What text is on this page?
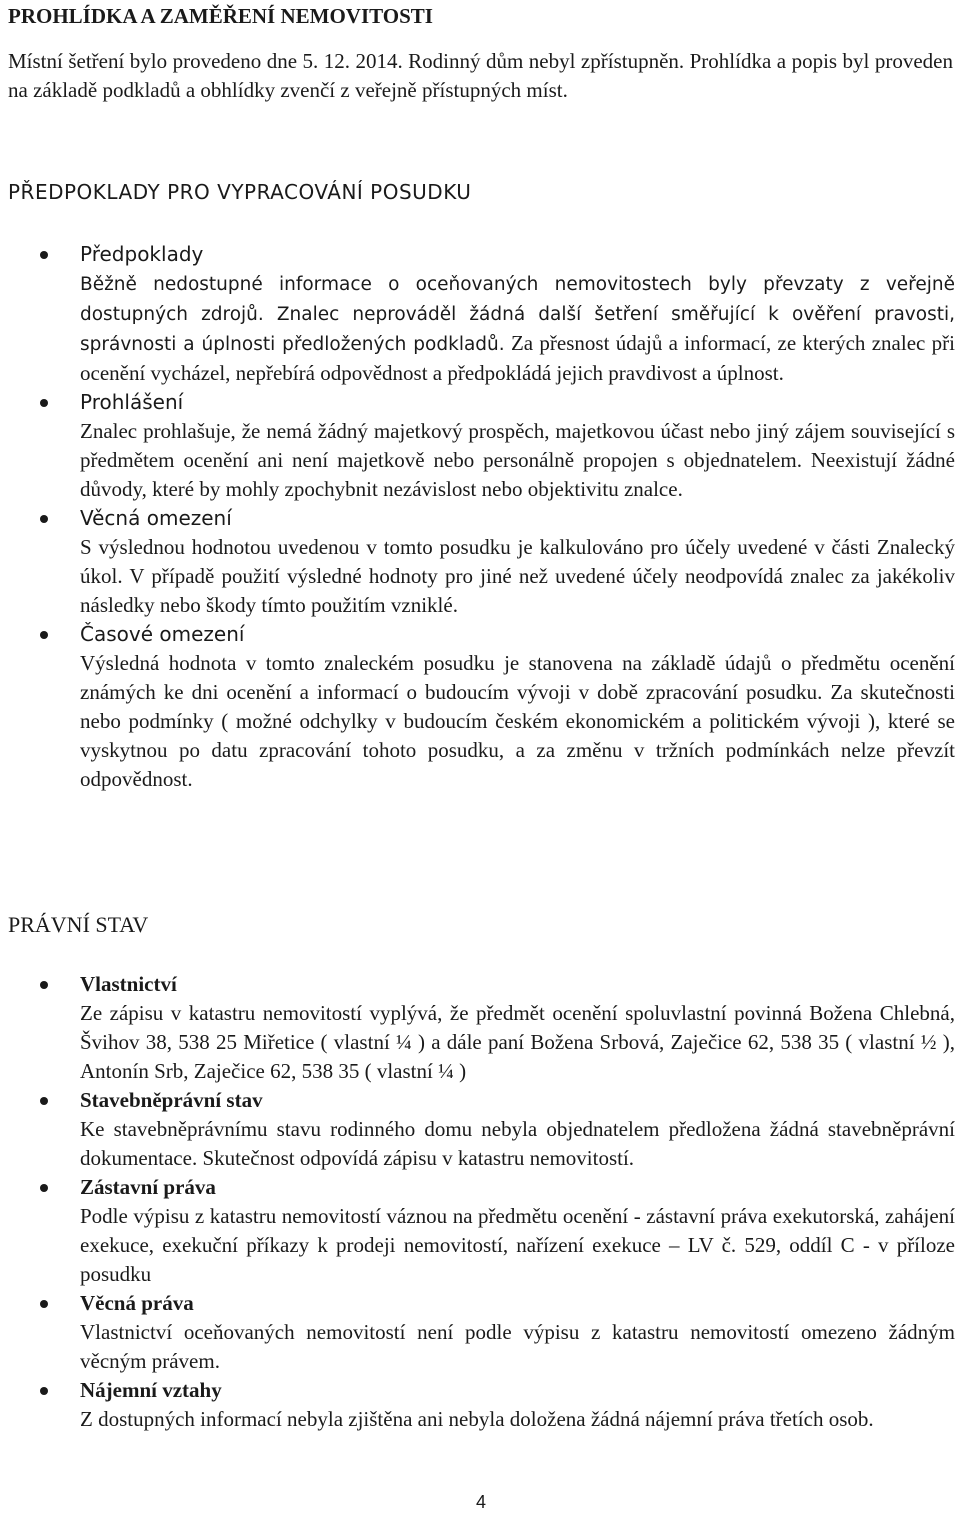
PROHLÍDKA A ZAMĚŘENÍ NEMOVITOSTI

Místní šetření bylo provedeno dne 5. 12. 2014. Rodinný dům nebyl zpřístupněn. Prohlídka a popis byl proveden na základě podkladů a obhlídky zvenčí z veřejně přístupných míst.

PŘEDPOKLADY PRO VYPRACOVÁNÍ POSUDKU
Předpoklady
Běžně nedostupné informace o oceňovaných nemovitostech byly převzaty z veřejně dostupných zdrojů. Znalec neprováděl žádná další šetření směřující k ověření pravosti, správnosti a úplnosti předložených podkladů. Za přesnost údajů a informací, ze kterých znalec při ocenění vycházel, nepřebírá odpovědnost a předpokládá jejich pravdivost a úplnost.
Prohlášení
Znalec prohlašuje, že nemá žádný majetkový prospěch, majetkovou účast nebo jiný zájem související s předmětem ocenění ani není majetkově nebo personálně propojen s objednatelem. Neexistují žádné důvody, které by mohly zpochybnit nezávislost nebo objektivitu znalce.
Věcná omezení
S výslednou hodnotou uvedenou v tomto posudku je kalkulováno pro účely uvedené v části Znalecký úkol. V případě použití výsledné hodnoty pro jiné než uvedené účely neodpovídá znalec za jakékoliv následky nebo škody tímto použitím vzniklé.
Časové omezení
Výsledná hodnota v tomto znaleckém posudku je stanovena na základě údajů o předmětu ocenění známých ke dni ocenění a informací o budoucím vývoji v době zpracování posudku. Za skutečnosti nebo podmínky ( možné odchylky v budoucím českém ekonomickém a politickém vývoji ), které se vyskytnou po datu zpracování tohoto posudku, a za změnu v tržních podmínkách nelze převzít odpovědnost.
PRÁVNÍ STAV
Vlastnictví
Ze zápisu v katastru nemovitostí vyplývá, že předmět ocenění spoluvlastní povinná Božena Chlebná, Švihov 38, 538 25 Miřetice ( vlastní ¼ ) a dále paní Božena Srbová, Zaječice 62, 538 35 ( vlastní ½ ), Antonín Srb, Zaječice 62, 538 35 ( vlastní ¼ )
Stavebněprávní stav
Ke stavebněprávnímu stavu rodinného domu nebyla objednatelem předložena žádná stavebněprávní dokumentace. Skutečnost odpovídá zápisu v katastru nemovitostí.
Zástavní práva
Podle výpisu z katastru nemovitostí váznou na předmětu ocenění - zástavní práva exekutorská, zahájení exekuce, exekuční příkazy k prodeji nemovitostí, nařízení exekuce – LV č. 529, oddíl C - v příloze posudku
Věcná práva
Vlastnictví oceňovaných nemovitostí není podle výpisu z katastru nemovitostí omezeno žádným věcným právem.
Nájemní vztahy
Z dostupných informací nebyla zjištěna ani nebyla doložena žádná nájemní práva třetích osob.
4
